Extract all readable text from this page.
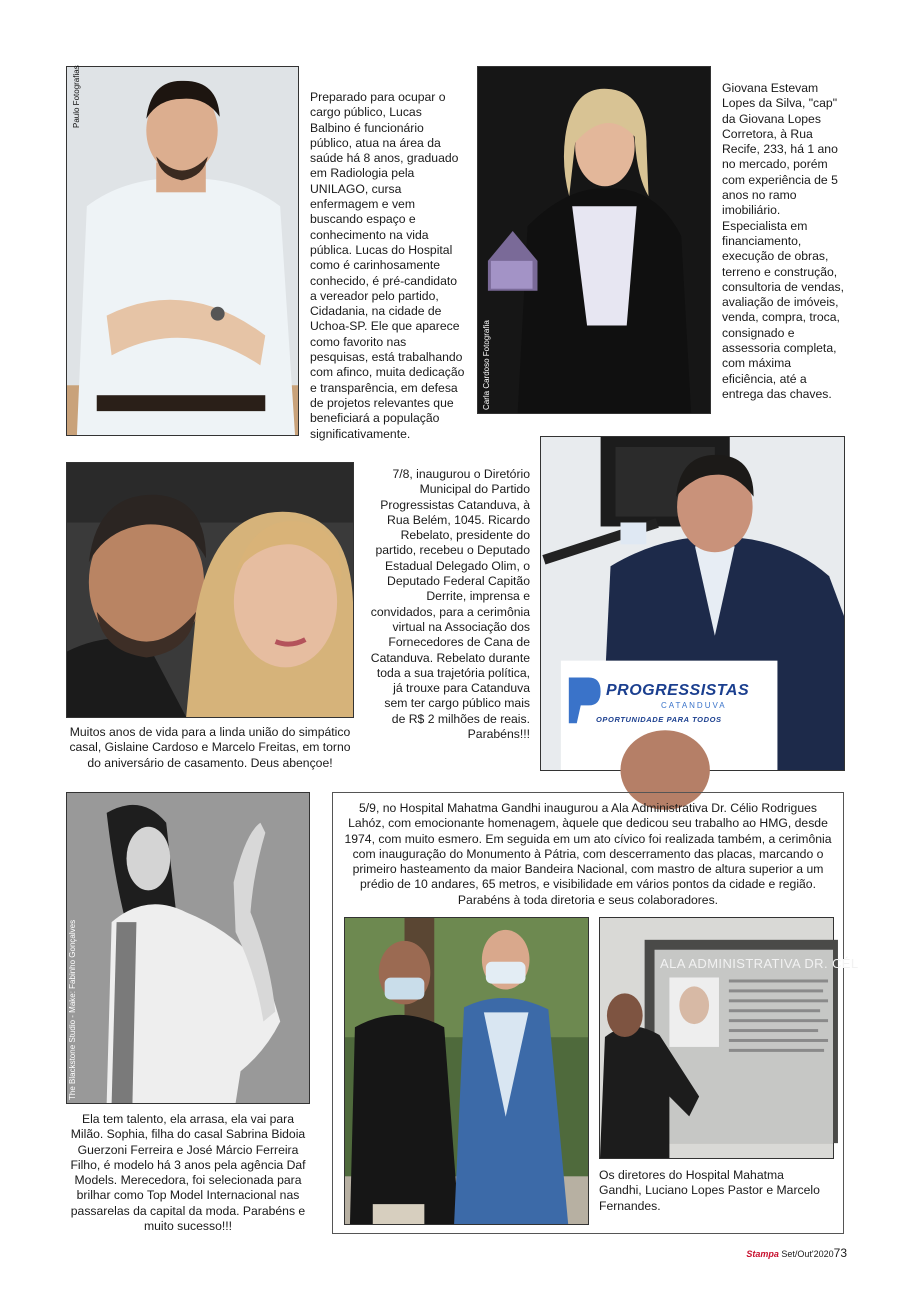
Paulo Fotografias	Preparado para ocupar o cargo público, Lucas Balbino é funcionário público, atua na área da saúde há 8 anos, graduado em Radiologia pela UNILAGO, cursa enfermagem e vem buscando espaço e conhecimento na vida pública. Lucas do Hospital como é carinhosamente conhecido, é pré-candidato a vereador pelo partido, Cidadania, na cidade de Uchoa-SP. Ele que aparece como favorito nas pesquisas, está trabalhando com afinco, muita dedicação e transparência, em defesa de projetos relevantes que beneficiará a população significativamente.

Carla Cardoso Fotografia

Giovana Estevam Lopes da Silva, "cap" da Giovana Lopes Corretora, à Rua Recife, 233, há 1 ano no mercado, porém com experiência de 5 anos no ramo imobiliário. Especialista em financiamento, execução de obras, terreno e construção, consultoria de vendas, avaliação de imóveis, venda, compra, troca, consignado e assessoria completa, com máxima eficiência, até a entrega das chaves.

Muitos anos de vida para a linda união do simpático casal, Gislaine Cardoso e Marcelo Freitas, em torno do aniversário de casamento. Deus abençoe!

7/8, inaugurou o Diretório Municipal do Partido Progressistas Catanduva, à Rua Belém, 1045. Ricardo Rebelato, presidente do partido, recebeu o Deputado Estadual Delegado Olim, o Deputado Federal Capitão Derrite, imprensa e convidados, para a cerimônia virtual na Associação dos Fornecedores de Cana de Catanduva. Rebelato durante toda a sua trajetória política, já trouxe para Catanduva sem ter cargo público mais de R$ 2 milhões de reais. Parabéns!!!

PROGRESSISTAS
CATANDUVA
OPORTUNIDADE PARA TODOS
The Blackstone Studio - Make: Fabinho Gonçalves

Ela tem talento, ela arrasa, ela vai para Milão. Sophia, filha do casal Sabrina Bidoia Guerzoni Ferreira e José Márcio Ferreira Filho, é modelo há 3 anos pela agência Daf Models. Merecedora, foi selecionada para brilhar como Top Model Internacional nas passarelas da capital da moda. Parabéns e muito sucesso!!!

5/9, no Hospital Mahatma Gandhi inaugurou a Ala Administrativa Dr. Célio Rodrigues Lahóz, com emocionante homenagem, àquele que dedicou seu trabalho ao HMG, desde 1974, com muito esmero. Em seguida em um ato cívico foi realizada também, a cerimônia com inauguração do Monumento à Pátria, com descerramento das placas, marcando o primeiro hasteamento da maior Bandeira Nacional, com mastro de altura superior a um prédio de 10 andares, 65 metros, e visibilidade em vários pontos da cidade e região. Parabéns à toda diretoria e seus colaboradores.

ALA ADMINISTRATIVA DR. CÉL

Os diretores do Hospital Mahatma Gandhi, Luciano Lopes Pastor e Marcelo Fernandes.

Stampa Set/Out'202073
